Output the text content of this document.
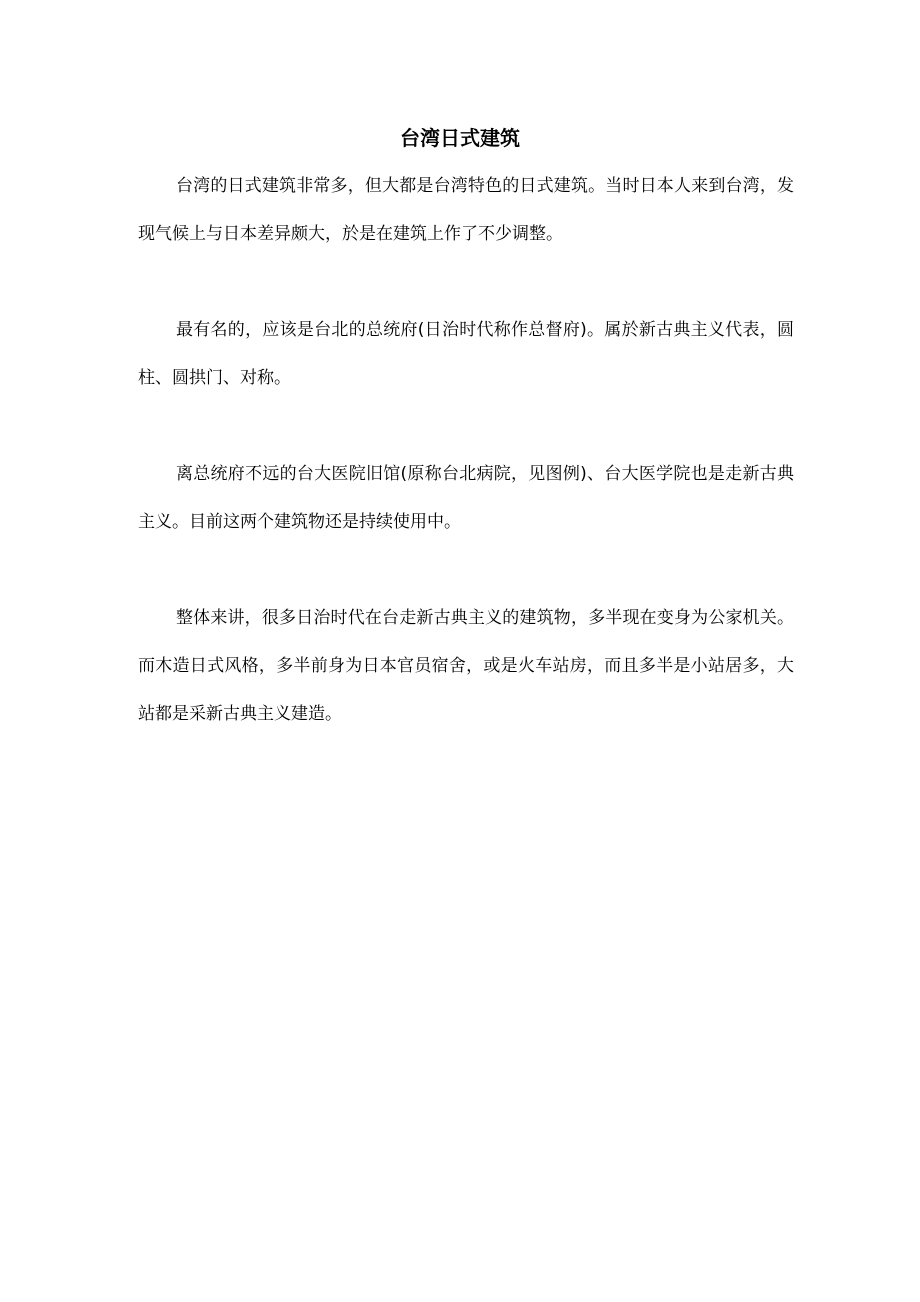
台湾日式建筑

台湾的日式建筑非常多，但大都是台湾特色的日式建筑。当时日本人来到台湾，发现气候上与日本差异颇大，於是在建筑上作了不少调整。

最有名的，应该是台北的总统府(日治时代称作总督府)。属於新古典主义代表，圆柱、圆拱门、对称。

离总统府不远的台大医院旧馆(原称台北病院，见图例)、台大医学院也是走新古典主义。目前这两个建筑物还是持续使用中。

整体来讲，很多日治时代在台走新古典主义的建筑物，多半现在变身为公家机关。而木造日式风格，多半前身为日本官员宿舍，或是火车站房，而且多半是小站居多，大站都是采新古典主义建造。
